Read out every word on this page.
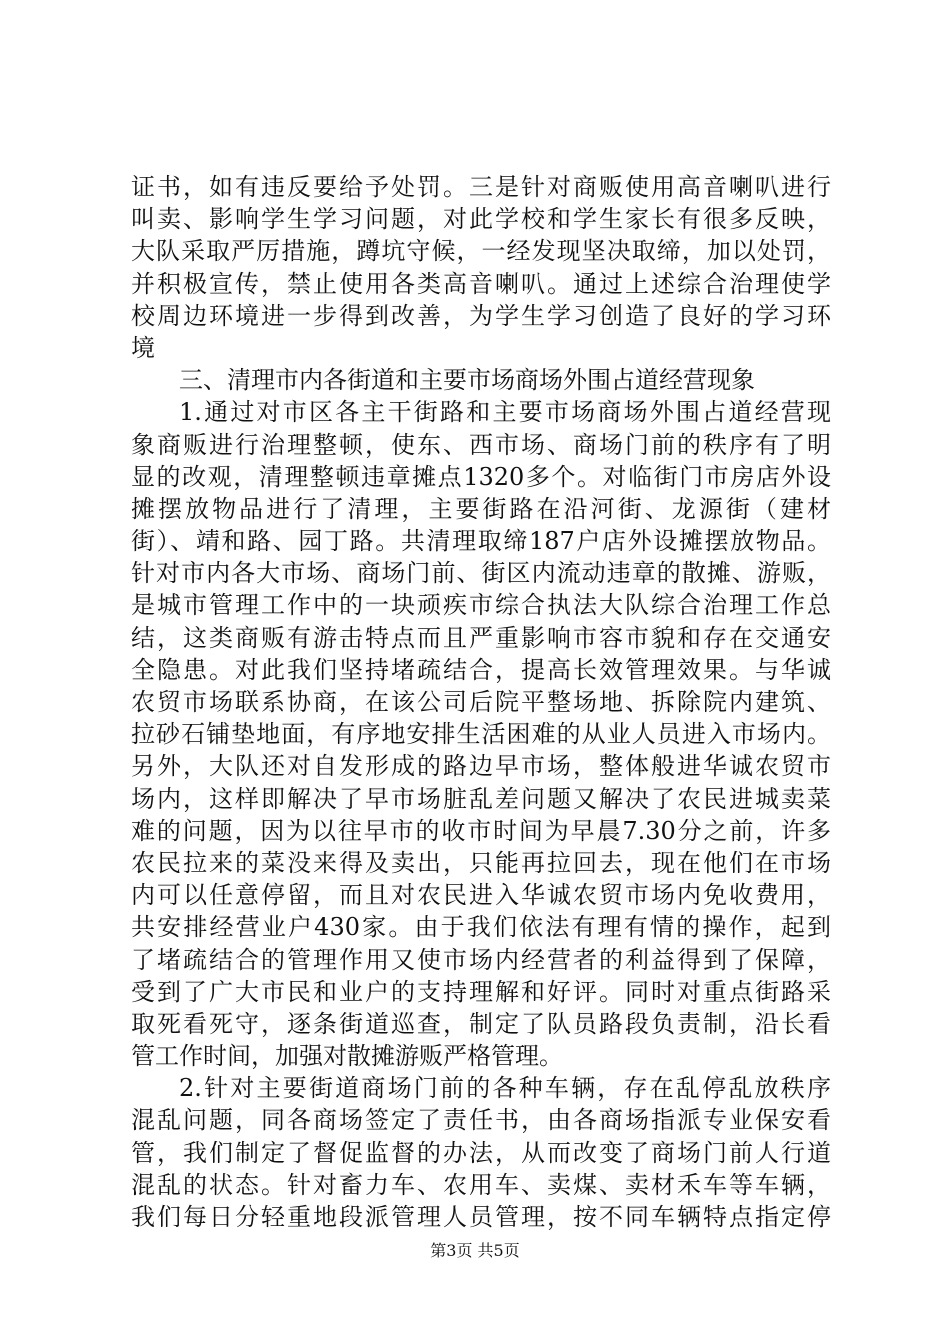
证书，如有违反要给予处罚。三是针对商贩使用高音喇叭进行
叫卖、影响学生学习问题，对此学校和学生家长有很多反映，
大队采取严厉措施，蹲坑守候，一经发现坚决取缔，加以处罚，
并积极宣传，禁止使用各类高音喇叭。通过上述综合治理使学
校周边环境进一步得到改善，为学生学习创造了良好的学习环
境
三、清理市内各街道和主要市场商场外围占道经营现象
1.通过对市区各主干街路和主要市场商场外围占道经营现
象商贩进行治理整顿，使东、西市场、商场门前的秩序有了明
显的改观，清理整顿违章摊点1320多个。对临街门市房店外设
摊摆放物品进行了清理，主要街路在沿河街、龙源街（建材
街）、靖和路、园丁路。共清理取缔187户店外设摊摆放物品。
针对市内各大市场、商场门前、街区内流动违章的散摊、游贩，
是城市管理工作中的一块顽疾市综合执法大队综合治理工作总
结，这类商贩有游击特点而且严重影响市容市貌和存在交通安
全隐患。对此我们坚持堵疏结合，提高长效管理效果。与华诚
农贸市场联系协商，在该公司后院平整场地、拆除院内建筑、
拉砂石铺垫地面，有序地安排生活困难的从业人员进入市场内。
另外，大队还对自发形成的路边早市场，整体般进华诚农贸市
场内，这样即解决了早市场脏乱差问题又解决了农民进城卖菜
难的问题，因为以往早市的收市时间为早晨7.30分之前，许多
农民拉来的菜没来得及卖出，只能再拉回去，现在他们在市场
内可以任意停留，而且对农民进入华诚农贸市场内免收费用，
共安排经营业户430家。由于我们依法有理有情的操作，起到
了堵疏结合的管理作用又使市场内经营者的利益得到了保障，
受到了广大市民和业户的支持理解和好评。同时对重点街路采
取死看死守，逐条街道巡查，制定了队员路段负责制，沿长看
管工作时间，加强对散摊游贩严格管理。
2.针对主要街道商场门前的各种车辆，存在乱停乱放秩序
混乱问题，同各商场签定了责任书，由各商场指派专业保安看
管，我们制定了督促监督的办法，从而改变了商场门前人行道
混乱的状态。针对畜力车、农用车、卖煤、卖材禾车等车辆，
我们每日分轻重地段派管理人员管理，按不同车辆特点指定停
第3页 共5页
